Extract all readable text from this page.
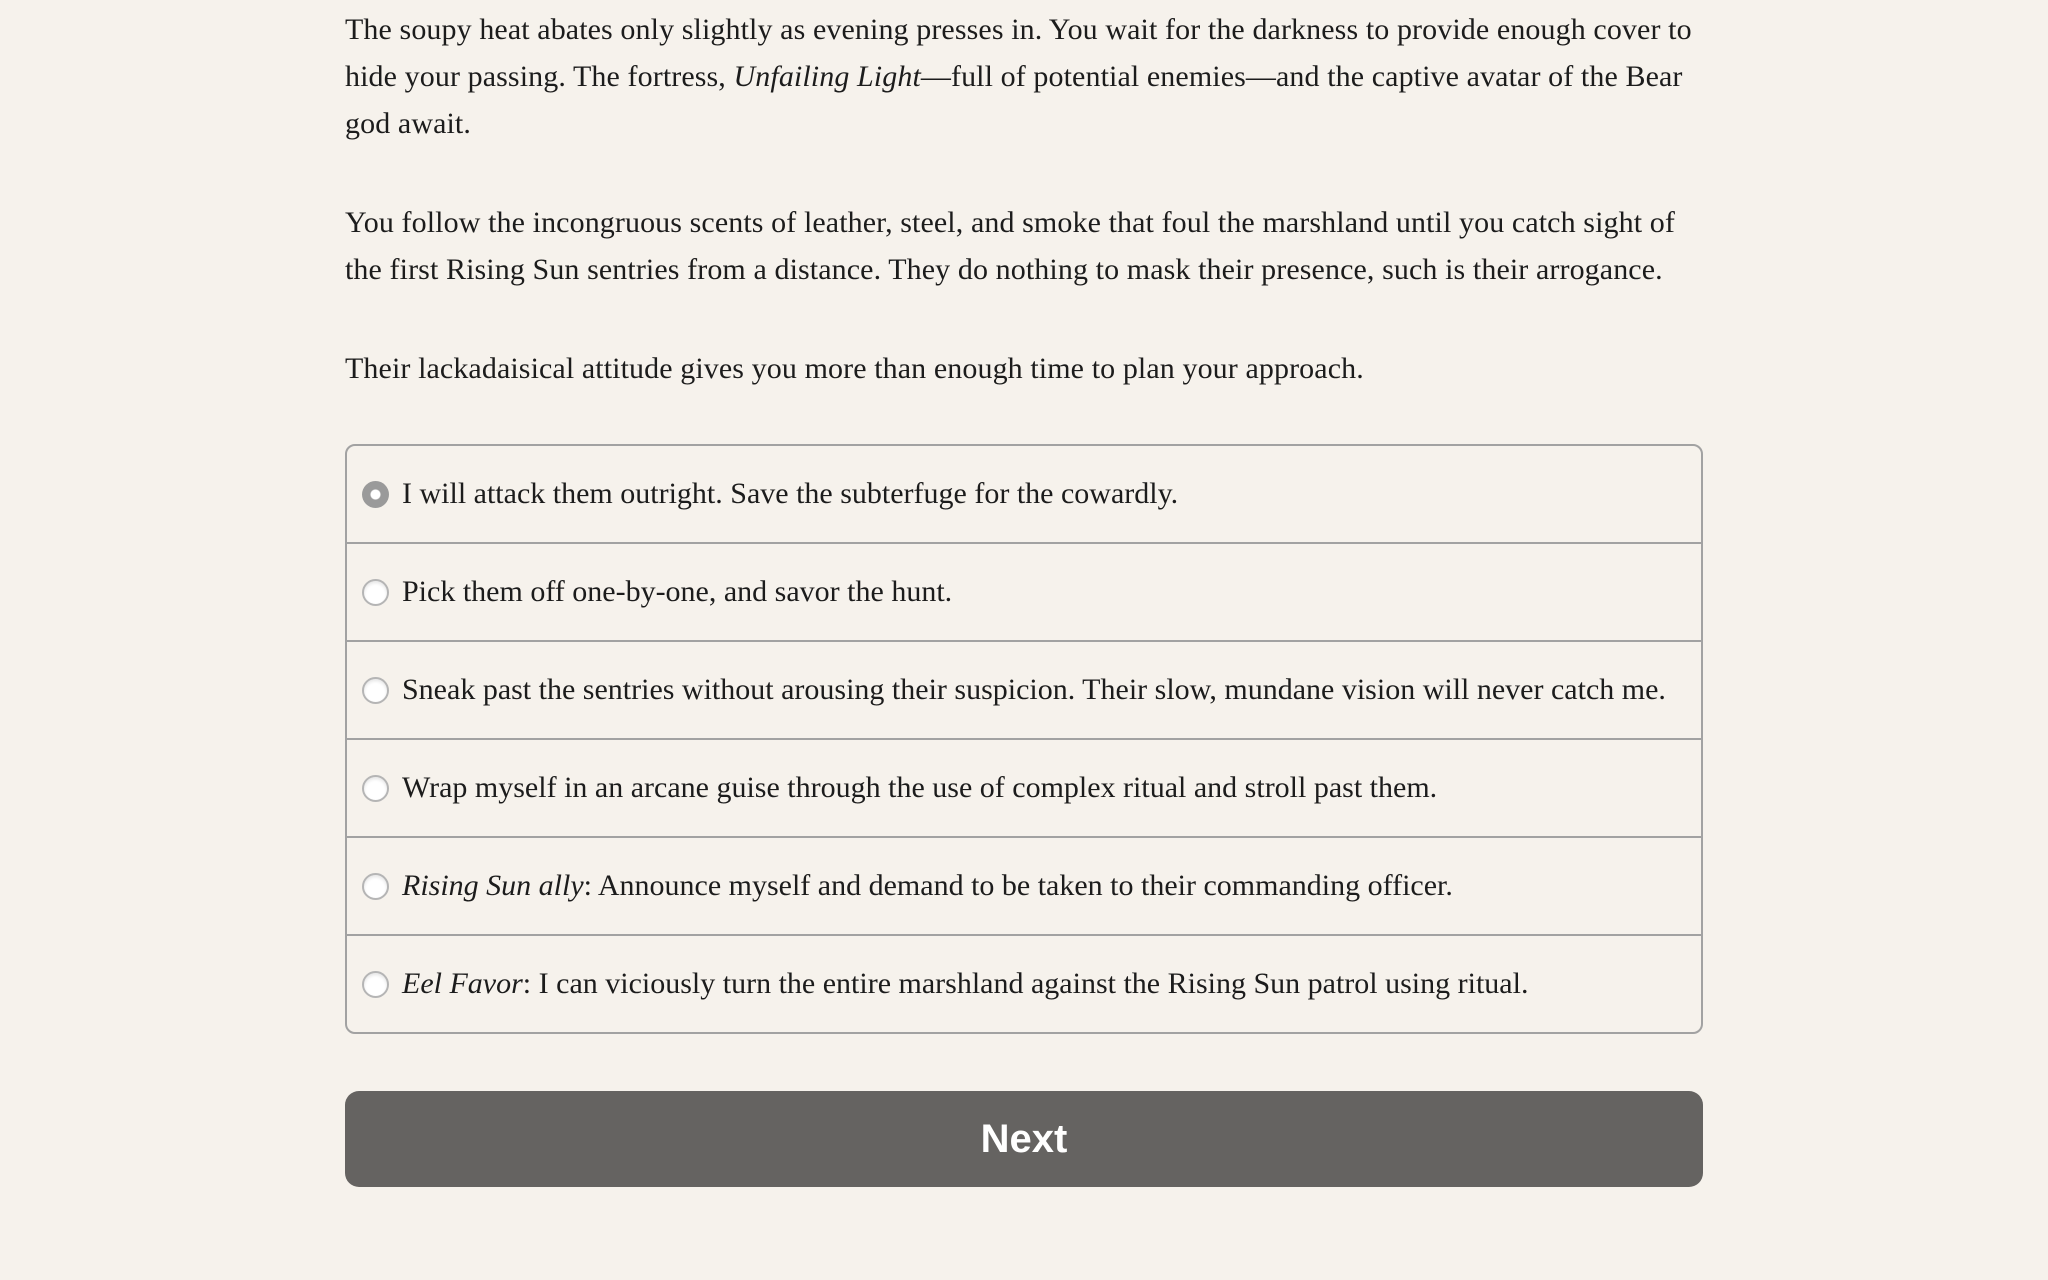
The soupy heat abates only slightly as evening presses in. You wait for the darkness to provide enough cover to hide your passing. The fortress, Unfailing Light—full of potential enemies—and the captive avatar of the Bear god await.

You follow the incongruous scents of leather, steel, and smoke that foul the marshland until you catch sight of the first Rising Sun sentries from a distance. They do nothing to mask their presence, such is their arrogance.

Their lackadaisical attitude gives you more than enough time to plan your approach.

I will attack them outright. Save the subterfuge for the cowardly.
Pick them off one-by-one, and savor the hunt.
Sneak past the sentries without arousing their suspicion. Their slow, mundane vision will never catch me.
Wrap myself in an arcane guise through the use of complex ritual and stroll past them.
Rising Sun ally: Announce myself and demand to be taken to their commanding officer.
Eel Favor: I can viciously turn the entire marshland against the Rising Sun patrol using ritual.
Next
